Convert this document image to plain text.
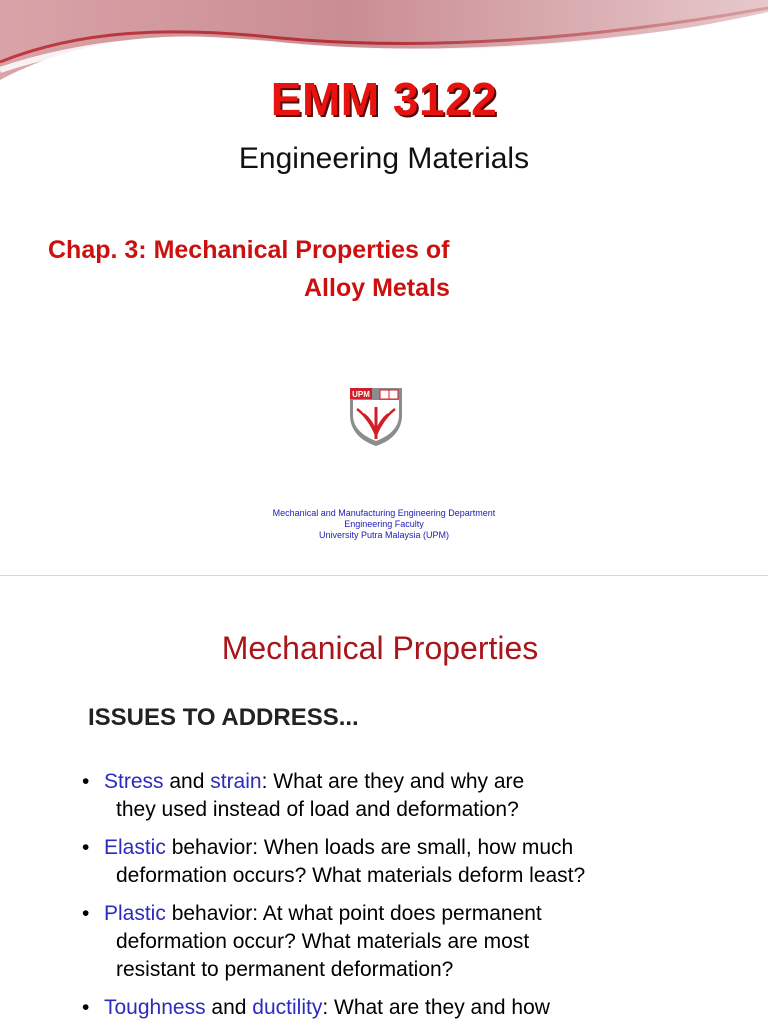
EMM 3122
Engineering Materials
Chap. 3: Mechanical Properties of
Alloy Metals
UPM
Mechanical and Manufacturing Engineering Department
Engineering Faculty
University Putra Malaysia (UPM)
Mechanical Properties
ISSUES TO ADDRESS...
• Stress and strain: What are they and why are
they used instead of load and deformation?
• Elastic behavior: When loads are small, how much
deformation occurs? What materials deform least?
• Plastic behavior: At what point does permanent
deformation occur? What materials are most
resistant to permanent deformation?
• Toughness and ductility: What are they and how
